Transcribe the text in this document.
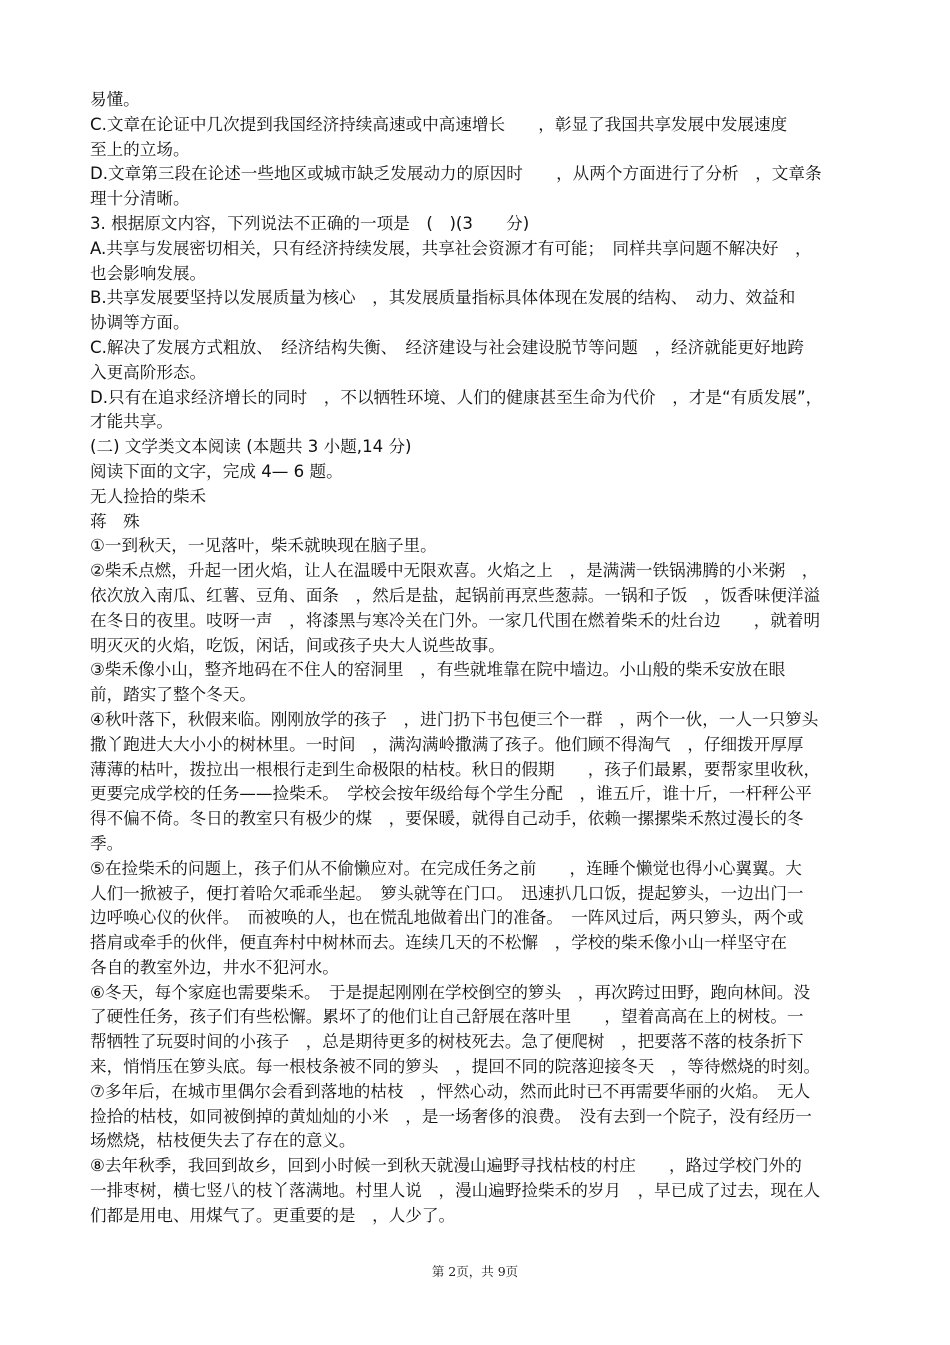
易懂。
C.文章在论证中几次提到我国经济持续高速或中高速增长　　，彰显了我国共享发展中发展速度
至上的立场。
D.文章第三段在论述一些地区或城市缺乏发展动力的原因时　　，从两个方面进行了分析　，文章条
理十分清晰。
3. 根据原文内容，下列说法不正确的一项是　(　)(3　　分)
A.共享与发展密切相关，只有经济持续发展，共享社会资源才有可能；　同样共享问题不解决好　，
也会影响发展。
B.共享发展要坚持以发展质量为核心　，其发展质量指标具体体现在发展的结构、　动力、效益和
协调等方面。
C.解决了发展方式粗放、　经济结构失衡、　经济建设与社会建设脱节等问题　，经济就能更好地跨
入更高阶形态。
D.只有在追求经济增长的同时　，不以牺牲环境、人们的健康甚至生命为代价　，才是“有质发展”，
才能共享。
(二) 文学类文本阅读 (本题共 3 小题,14 分)
阅读下面的文字，完成 4— 6 题。
无人捡拾的柴禾
蒋　殊
①一到秋天，一见落叶，柴禾就映现在脑子里。
②柴禾点燃，升起一团火焰，让人在温暖中无限欢喜。火焰之上　，是满满一铁锅沸腾的小米粥　，
依次放入南瓜、红薯、豆角、面条　，然后是盐，起锅前再烹些葱蒜。一锅和子饭　，饭香味便洋溢
在冬日的夜里。吱呀一声　，将漆黑与寒冷关在门外。一家几代围在燃着柴禾的灶台边　　，就着明
明灭灭的火焰，吃饭，闲话，间或孩子央大人说些故事。
③柴禾像小山，整齐地码在不住人的窑洞里　，有些就堆靠在院中墙边。小山般的柴禾安放在眼
前，踏实了整个冬天。
④秋叶落下，秋假来临。刚刚放学的孩子　，进门扔下书包便三个一群　，两个一伙，一人一只箩头
撒丫跑进大大小小的树林里。一时间　，满沟满岭撒满了孩子。他们顾不得淘气　，仔细拨开厚厚
薄薄的枯叶，拨拉出一根根行走到生命极限的枯枝。秋日的假期　　，孩子们最累，要帮家里收秋，
更要完成学校的任务——捡柴禾。　学校会按年级给每个学生分配　，谁五斤，谁十斤，一杆秤公平
得不偏不倚。冬日的教室只有极少的煤　，要保暖，就得自己动手，依赖一摞摞柴禾熬过漫长的冬
季。
⑤在捡柴禾的问题上，孩子们从不偷懒应对。在完成任务之前　　，连睡个懒觉也得小心翼翼。大
人们一掀被子，便打着哈欠乖乖坐起。　箩头就等在门口。　迅速扒几口饭，提起箩头，一边出门一
边呼唤心仪的伙伴。　而被唤的人，也在慌乱地做着出门的准备。　一阵风过后，两只箩头，两个或
搭肩或牵手的伙伴，便直奔村中树林而去。连续几天的不松懈　，学校的柴禾像小山一样坚守在
各自的教室外边，井水不犯河水。
⑥冬天，每个家庭也需要柴禾。　于是提起刚刚在学校倒空的箩头　，再次跨过田野，跑向林间。没
了硬性任务，孩子们有些松懈。累坏了的他们让自己舒展在落叶里　　，望着高高在上的树枝。一
帮牺牲了玩耍时间的小孩子　，总是期待更多的树枝死去。急了便爬树　，把要落不落的枝条折下
来，悄悄压在箩头底。每一根枝条被不同的箩头　，提回不同的院落迎接冬天　，等待燃烧的时刻。
⑦多年后，在城市里偶尔会看到落地的枯枝　，怦然心动，然而此时已不再需要华丽的火焰。　无人
捡拾的枯枝，如同被倒掉的黄灿灿的小米　，是一场奢侈的浪费。　没有去到一个院子，没有经历一
场燃烧，枯枝便失去了存在的意义。
⑧去年秋季，我回到故乡，回到小时候一到秋天就漫山遍野寻找枯枝的村庄　　，路过学校门外的
一排枣树，横七竖八的枝丫落满地。村里人说　，漫山遍野捡柴禾的岁月　，早已成了过去，现在人
们都是用电、用煤气了。更重要的是　，人少了。
第 2页，共 9页
